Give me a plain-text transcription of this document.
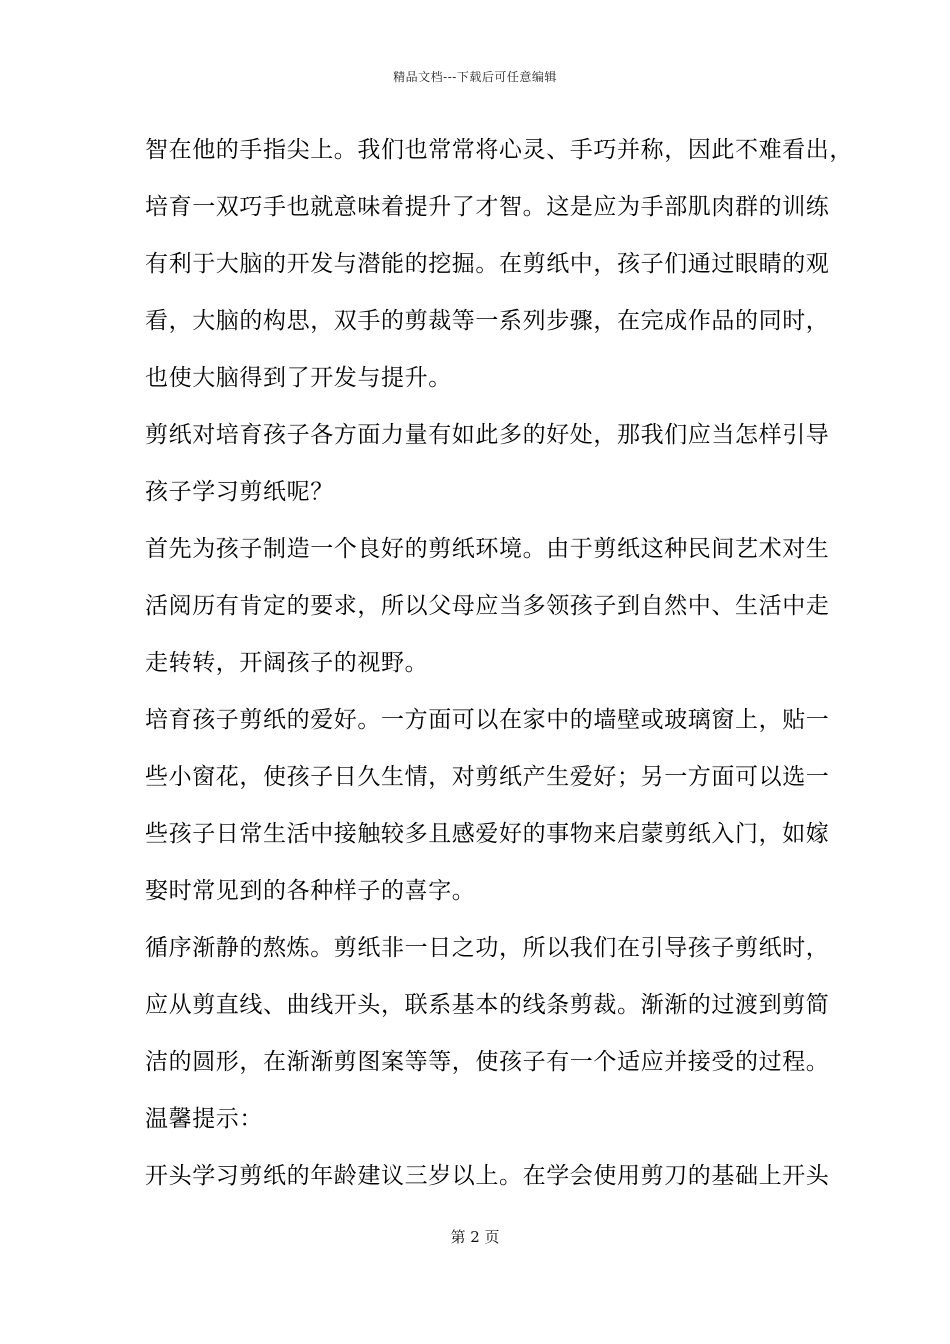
精品文档---下载后可任意编辑
智在他的手指尖上。我们也常常将心灵、手巧并称，因此不难看出，
培育一双巧手也就意味着提升了才智。这是应为手部肌肉群的训练
有利于大脑的开发与潜能的挖掘。在剪纸中，孩子们通过眼睛的观
看，大脑的构思，双手的剪裁等一系列步骤，在完成作品的同时，
也使大脑得到了开发与提升。
剪纸对培育孩子各方面力量有如此多的好处，那我们应当怎样引导
孩子学习剪纸呢？
首先为孩子制造一个良好的剪纸环境。由于剪纸这种民间艺术对生
活阅历有肯定的要求，所以父母应当多领孩子到自然中、生活中走
走转转，开阔孩子的视野。
培育孩子剪纸的爱好。一方面可以在家中的墙壁或玻璃窗上，贴一
些小窗花，使孩子日久生情，对剪纸产生爱好；另一方面可以选一
些孩子日常生活中接触较多且感爱好的事物来启蒙剪纸入门，如嫁
娶时常见到的各种样子的喜字。
循序渐静的熬炼。剪纸非一日之功，所以我们在引导孩子剪纸时，
应从剪直线、曲线开头，联系基本的线条剪裁。渐渐的过渡到剪简
洁的圆形，在渐渐剪图案等等，使孩子有一个适应并接受的过程。
温馨提示：
开头学习剪纸的年龄建议三岁以上。在学会使用剪刀的基础上开头
第 2 页
